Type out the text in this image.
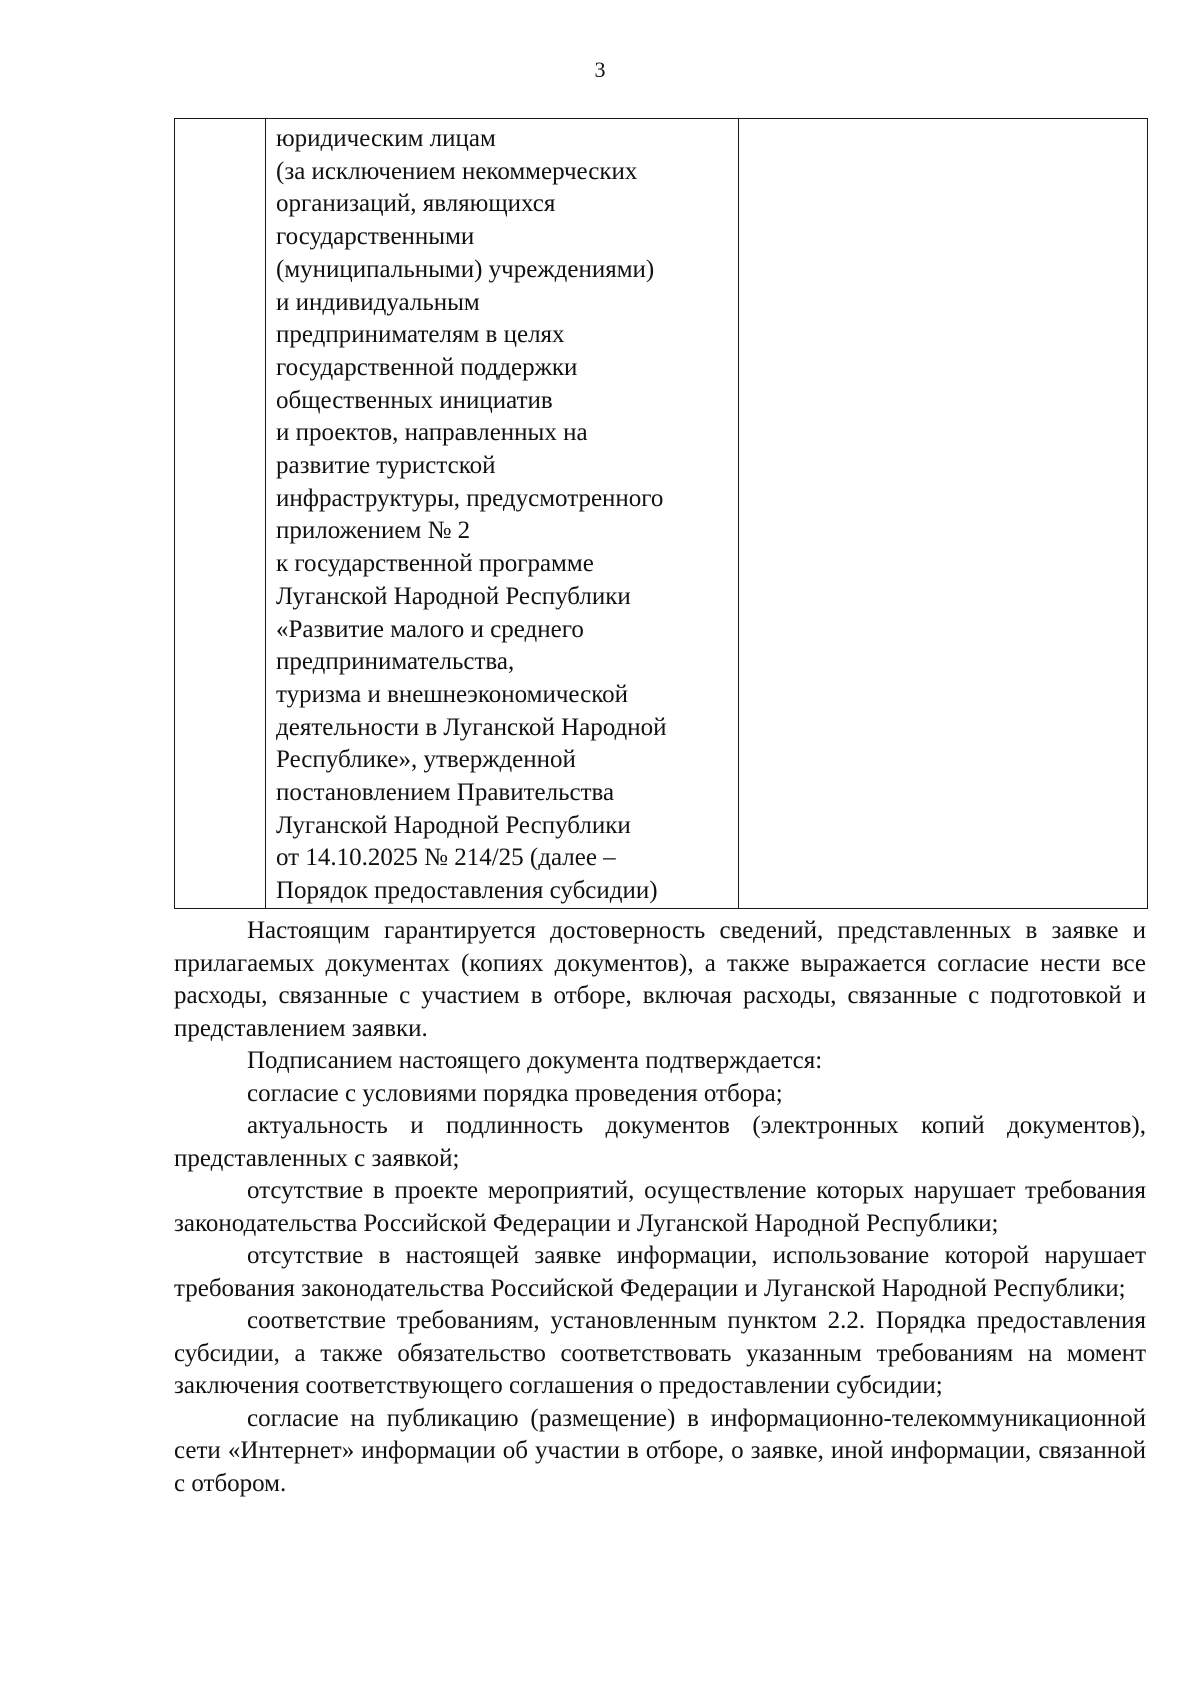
3

юридическим лицам
(за исключением некоммерческих
организаций, являющихся
государственными
(муниципальными) учреждениями)
и индивидуальным
предпринимателям в целях
государственной поддержки
общественных инициатив
и проектов, направленных на
развитие туристской
инфраструктуры, предусмотренного
приложением № 2
к государственной программе
Луганской Народной Республики
«Развитие малого и среднего
предпринимательства,
туризма и внешнеэкономической
деятельности в Луганской Народной
Республике», утвержденной
постановлением Правительства
Луганской Народной Республики
от 14.10.2025 № 214/25 (далее –
Порядок предоставления субсидии)

Настоящим гарантируется достоверность сведений, представленных в заявке и прилагаемых документах (копиях документов), а также выражается согласие нести все расходы, связанные с участием в отборе, включая расходы, связанные с подготовкой и представлением заявки.

Подписанием настоящего документа подтверждается:

согласие с условиями порядка проведения отбора;

актуальность и подлинность документов (электронных копий документов), представленных с заявкой;

отсутствие в проекте мероприятий, осуществление которых нарушает требования законодательства Российской Федерации и Луганской Народной Республики;

отсутствие в настоящей заявке информации, использование которой нарушает требования законодательства Российской Федерации и Луганской Народной Республики;

соответствие требованиям, установленным пунктом 2.2. Порядка предоставления субсидии, а также обязательство соответствовать указанным требованиям на момент заключения соответствующего соглашения о предоставлении субсидии;

согласие на публикацию (размещение) в информационно-телекоммуникационной сети «Интернет» информации об участии в отборе, о заявке, иной информации, связанной с отбором.
